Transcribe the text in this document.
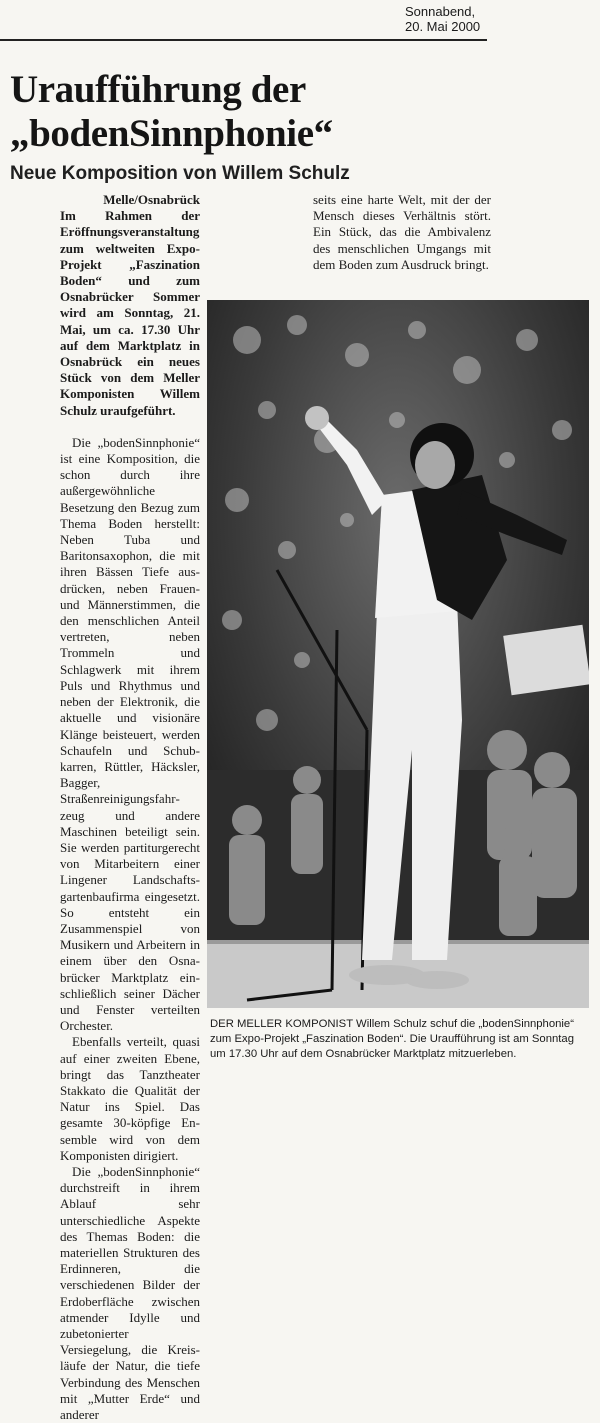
Sonnabend,
20. Mai 2000
Uraufführung der
„bodenSinnphonie“
Neue Komposition von Willem Schulz
Melle/Osnabrück
Im Rahmen der Eröffnungsveranstaltung zum weltweiten Expo-Projekt „Faszination Boden“ und zum Osnabrücker Sommer wird am Sonntag, 21. Mai, um ca. 17.30 Uhr auf dem Marktplatz in Osnabrück ein neues Stück von dem Meller Komponisten Willem Schulz uraufgeführt.

Die „bodenSinnphonie“ ist eine Komposition, die schon durch ihre außergewöhnliche Besetzung den Bezug zum Thema Boden herstellt: Neben Tuba und Baritonsaxophon, die mit ihren Bässen Tiefe ausdrücken, neben Frauen- und Männerstimmen, die den menschlichen Anteil vertreten, neben Trommeln und Schlagwerk mit ihrem Puls und Rhythmus und neben der Elektronik, die aktuelle und visionäre Klänge beisteuert, werden Schaufeln und Schubkarren, Rüttler, Häcksler, Bagger, Straßenreinigungsfahrzeug und andere Maschinen beteiligt sein. Sie werden partiturgerecht von Mitarbeitern einer Lingener Landschaftsgartenbaufirma eingesetzt. So entsteht ein Zusammenspiel von Musikern und Arbeitern in einem über den Osnabrücker Marktplatz einschließlich seiner Dächer und Fenster verteilten Orchester.

Ebenfalls verteilt, quasi auf einer zweiten Ebene, bringt das Tanztheater Stakkato die Qualität der Natur ins Spiel. Das gesamte 30-köpfige Ensemble wird von dem Komponisten dirigiert.

Die „bodenSinnphonie“ durchstreift in ihrem Ablauf sehr unterschiedliche Aspekte des Themas Boden: die materiellen Strukturen des Erdinneren, die verschiedenen Bilder der Erdoberfläche zwischen atmender Idylle und zubetonierter Versiegelung, die Kreisläufe der Natur, die tiefe Verbindung des Menschen mit „Mutter Erde“ und anderer

seits eine harte Welt, mit der der Mensch dieses Verhältnis stört. Ein Stück, das die Ambivalenz des menschlichen Umgangs mit dem Boden zum Ausdruck bringt.

DER MELLER KOMPONIST Willem Schulz schuf die „bodenSinnphonie“ zum Expo-Projekt „Faszination Boden“. Die Uraufführung ist am Sonntag um 17.30 Uhr auf dem Osnabrücker Marktplatz mitzuerleben.
